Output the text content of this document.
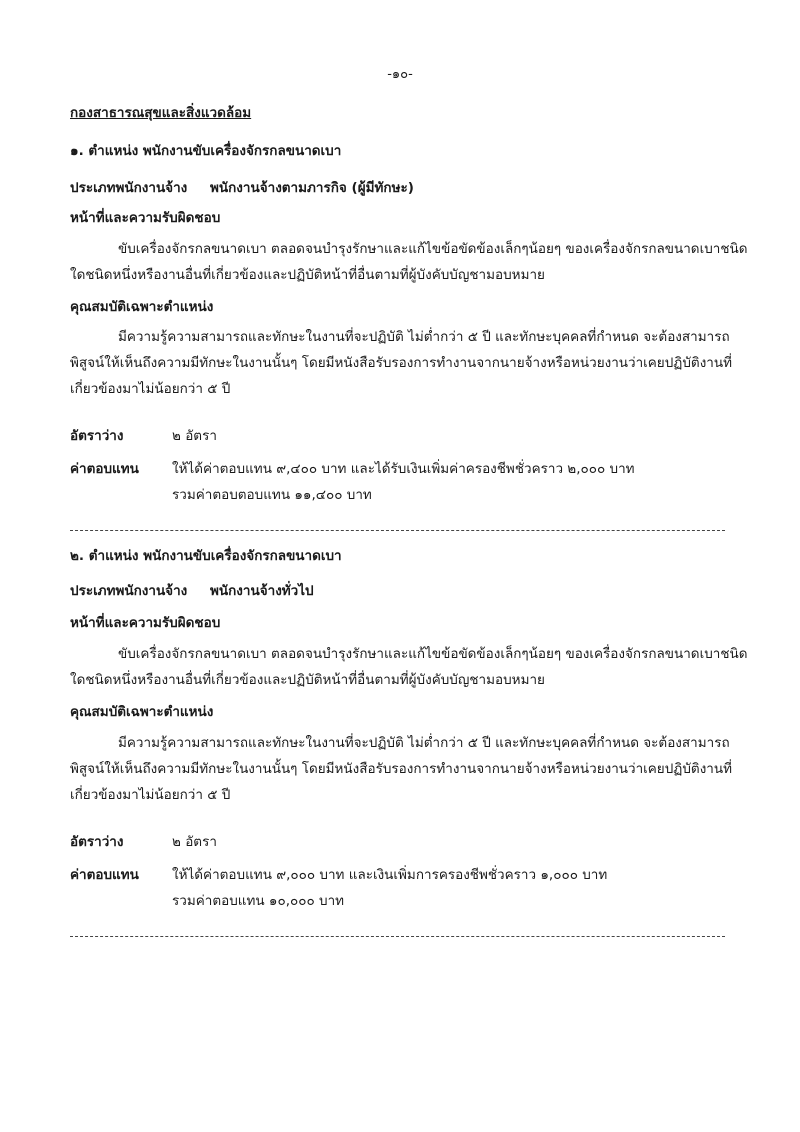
-๑๐-
กองสาธารณสุขและสิ่งแวดล้อม
๑. ตำแหน่ง พนักงานขับเครื่องจักรกลขนาดเบา
ประเภทพนักงานจ้าง พนักงานจ้างตามภารกิจ (ผู้มีทักษะ)
หน้าที่และความรับผิดชอบ
ขับเครื่องจักรกลขนาดเบา ตลอดจนบำรุงรักษาและแก้ไขข้อขัดข้องเล็กๆน้อยๆ ของเครื่องจักรกลขนาดเบาชนิด
ใดชนิดหนึ่งหรืองานอื่นที่เกี่ยวข้องและปฏิบัติหน้าที่อื่นตามที่ผู้บังคับบัญชามอบหมาย
คุณสมบัติเฉพาะตำแหน่ง
มีความรู้ความสามารถและทักษะในงานที่จะปฏิบัติ ไม่ต่ำกว่า ๕ ปี และทักษะบุคคลที่กำหนด จะต้องสามารถ
พิสูจน์ให้เห็นถึงความมีทักษะในงานนั้นๆ โดยมีหนังสือรับรองการทำงานจากนายจ้างหรือหน่วยงานว่าเคยปฏิบัติงานที่
เกี่ยวข้องมาไม่น้อยกว่า ๕ ปี
อัตราว่าง	๒ อัตรา
ค่าตอบแทน	ให้ได้ค่าตอบแทน ๙,๔๐๐ บาท และได้รับเงินเพิ่มค่าครองชีพชั่วคราว ๒,๐๐๐ บาท
รวมค่าตอบตอบแทน ๑๑,๔๐๐ บาท
๒. ตำแหน่ง พนักงานขับเครื่องจักรกลขนาดเบา
ประเภทพนักงานจ้าง พนักงานจ้างทั่วไป
หน้าที่และความรับผิดชอบ
ขับเครื่องจักรกลขนาดเบา ตลอดจนบำรุงรักษาและแก้ไขข้อขัดข้องเล็กๆน้อยๆ ของเครื่องจักรกลขนาดเบาชนิด
ใดชนิดหนึ่งหรืองานอื่นที่เกี่ยวข้องและปฏิบัติหน้าที่อื่นตามที่ผู้บังคับบัญชามอบหมาย
คุณสมบัติเฉพาะตำแหน่ง
มีความรู้ความสามารถและทักษะในงานที่จะปฏิบัติ ไม่ต่ำกว่า ๕ ปี และทักษะบุคคลที่กำหนด จะต้องสามารถ
พิสูจน์ให้เห็นถึงความมีทักษะในงานนั้นๆ โดยมีหนังสือรับรองการทำงานจากนายจ้างหรือหน่วยงานว่าเคยปฏิบัติงานที่
เกี่ยวข้องมาไม่น้อยกว่า ๕ ปี
อัตราว่าง	๒ อัตรา
ค่าตอบแทน	ให้ได้ค่าตอบแทน ๙,๐๐๐ บาท และเงินเพิ่มการครองชีพชั่วคราว ๑,๐๐๐ บาท
รวมค่าตอบแทน ๑๐,๐๐๐ บาท
